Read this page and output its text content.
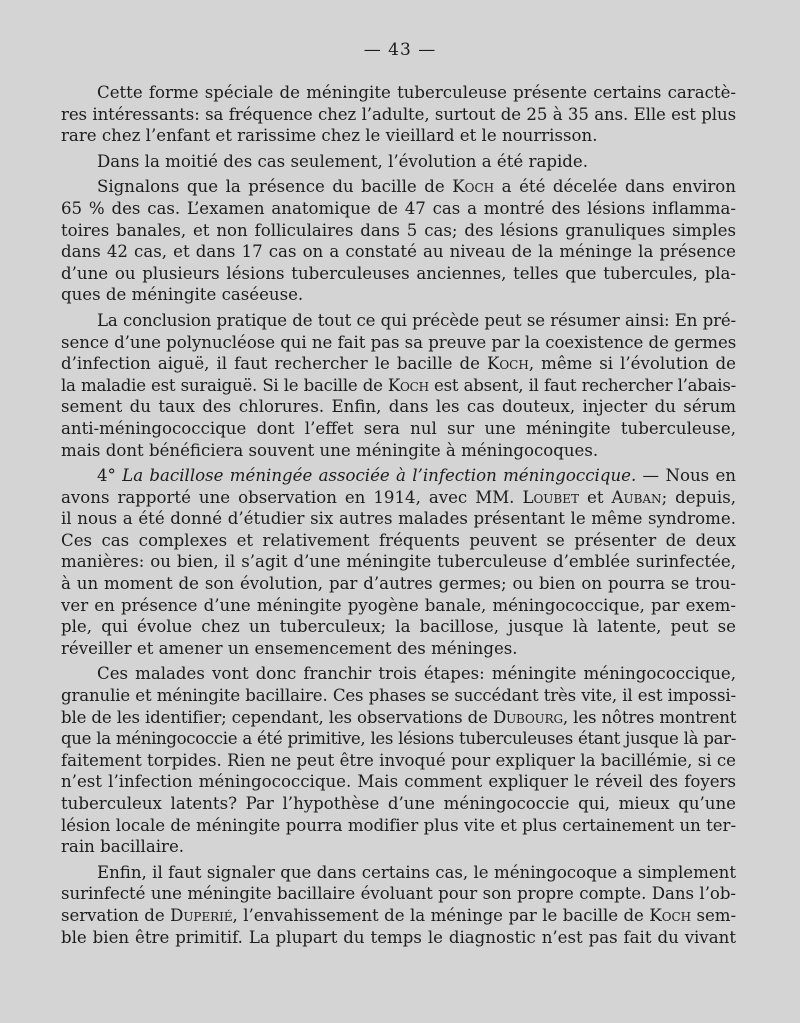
— 43 —
Cette forme spéciale de méningite tuberculeuse présente certains caractè-
res intéressants: sa fréquence chez l’adulte, surtout de 25 à 35 ans. Elle est plus
rare chez l’enfant et rarissime chez le vieillard et le nourrisson.
Dans la moitié des cas seulement, l’évolution a été rapide.
Signalons que la présence du bacille de Koch a été décelée dans environ
65 % des cas. L’examen anatomique de 47 cas a montré des lésions inflamma-
toires banales, et non folliculaires dans 5 cas; des lésions granuliques simples
dans 42 cas, et dans 17 cas on a constaté au niveau de la méninge la présence
d’une ou plusieurs lésions tuberculeuses anciennes, telles que tubercules, pla-
ques de méningite caséeuse.
La conclusion pratique de tout ce qui précède peut se résumer ainsi: En pré-
sence d’une polynucléose qui ne fait pas sa preuve par la coexistence de germes
d’infection aiguë, il faut rechercher le bacille de Koch, même si l’évolution de
la maladie est suraiguë. Si le bacille de Koch est absent, il faut rechercher l’abais-
sement du taux des chlorures. Enfin, dans les cas douteux, injecter du sérum
anti-méningococcique dont l’effet sera nul sur une méningite tuberculeuse,
mais dont bénéficiera souvent une méningite à méningocoques.
4° La bacillose méningée associée à l’infection méningoccique. — Nous en
avons rapporté une observation en 1914, avec MM. Loubet et Auban; depuis,
il nous a été donné d’étudier six autres malades présentant le même syndrome.
Ces cas complexes et relativement fréquents peuvent se présenter de deux
manières: ou bien, il s’agit d’une méningite tuberculeuse d’emblée surinfectée,
à un moment de son évolution, par d’autres germes; ou bien on pourra se trou-
ver en présence d’une méningite pyogène banale, méningococcique, par exem-
ple, qui évolue chez un tuberculeux; la bacillose, jusque là latente, peut se
réveiller et amener un ensemencement des méninges.
Ces malades vont donc franchir trois étapes: méningite méningococcique,
granulie et méningite bacillaire. Ces phases se succédant très vite, il est impossi-
ble de les identifier; cependant, les observations de Dubourg, les nôtres montrent
que la méningococcie a été primitive, les lésions tuberculeuses étant jusque là par-
faitement torpides. Rien ne peut être invoqué pour expliquer la bacillémie, si ce
n’est l’infection méningococcique. Mais comment expliquer le réveil des foyers
tuberculeux latents? Par l’hypothèse d’une méningococcie qui, mieux qu’une
lésion locale de méningite pourra modifier plus vite et plus certainement un ter-
rain bacillaire.
Enfin, il faut signaler que dans certains cas, le méningocoque a simplement
surinfecté une méningite bacillaire évoluant pour son propre compte. Dans l’ob-
servation de Duperié, l’envahissement de la méninge par le bacille de Koch sem-
ble bien être primitif. La plupart du temps le diagnostic n’est pas fait du vivant
